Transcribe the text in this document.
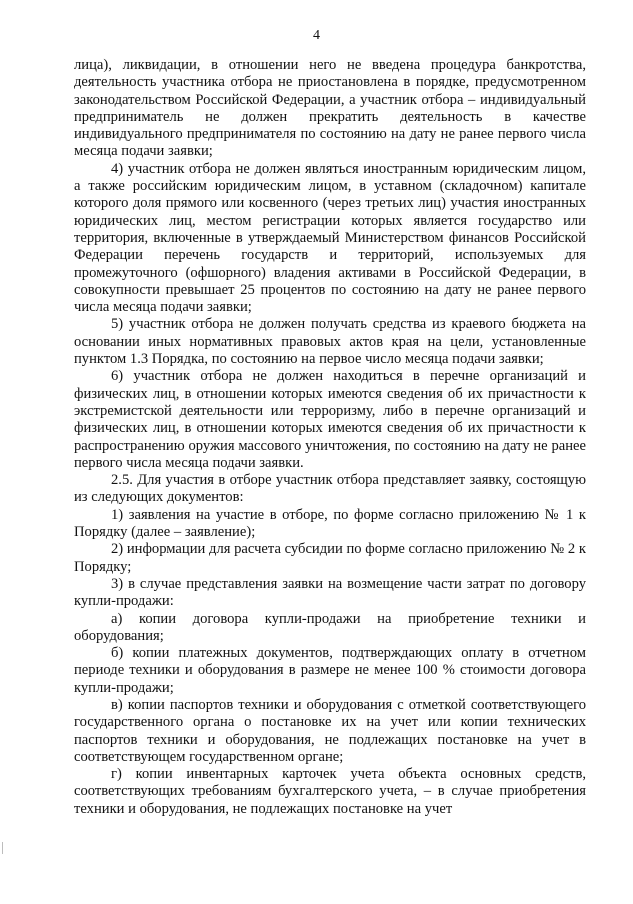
4

лица), ликвидации, в отношении него не введена процедура банкротства, деятельность участника отбора не приостановлена в порядке, предусмотренном законодательством Российской Федерации, а участник отбора – индивидуальный предприниматель не должен прекратить деятельность в качестве индивидуального предпринимателя по состоянию на дату не ранее первого числа месяца подачи заявки;

4) участник отбора не должен являться иностранным юридическим лицом, а также российским юридическим лицом, в уставном (складочном) капитале которого доля прямого или косвенного (через третьих лиц) участия иностранных юридических лиц, местом регистрации которых является государство или территория, включенные в утверждаемый Министерством финансов Российской Федерации перечень государств и территорий, используемых для промежуточного (офшорного) владения активами в Российской Федерации, в совокупности превышает 25 процентов по состоянию на дату не ранее первого числа месяца подачи заявки;

5) участник отбора не должен получать средства из краевого бюджета на основании иных нормативных правовых актов края на цели, установленные пунктом 1.3 Порядка, по состоянию на первое число месяца подачи заявки;

6) участник отбора не должен находиться в перечне организаций и физических лиц, в отношении которых имеются сведения об их причастности к экстремистской деятельности или терроризму, либо в перечне организаций и физических лиц, в отношении которых имеются сведения об их причастности к распространению оружия массового уничтожения, по состоянию на дату не ранее первого числа месяца подачи заявки.

2.5. Для участия в отборе участник отбора представляет заявку, состоящую из следующих документов:

1) заявления на участие в отборе, по форме согласно приложению № 1 к Порядку (далее – заявление);

2) информации для расчета субсидии по форме согласно приложению № 2 к Порядку;

3) в случае представления заявки на возмещение части затрат по договору купли-продажи:

а) копии договора купли-продажи на приобретение техники и оборудования;

б) копии платежных документов, подтверждающих оплату в отчетном периоде техники и оборудования в размере не менее 100 % стоимости договора купли-продажи;

в) копии паспортов техники и оборудования с отметкой соответствующего государственного органа о постановке их на учет или копии технических паспортов техники и оборудования, не подлежащих постановке на учет в соответствующем государственном органе;

г) копии инвентарных карточек учета объекта основных средств, соответствующих требованиям бухгалтерского учета, – в случае приобретения техники и оборудования, не подлежащих постановке на учет
